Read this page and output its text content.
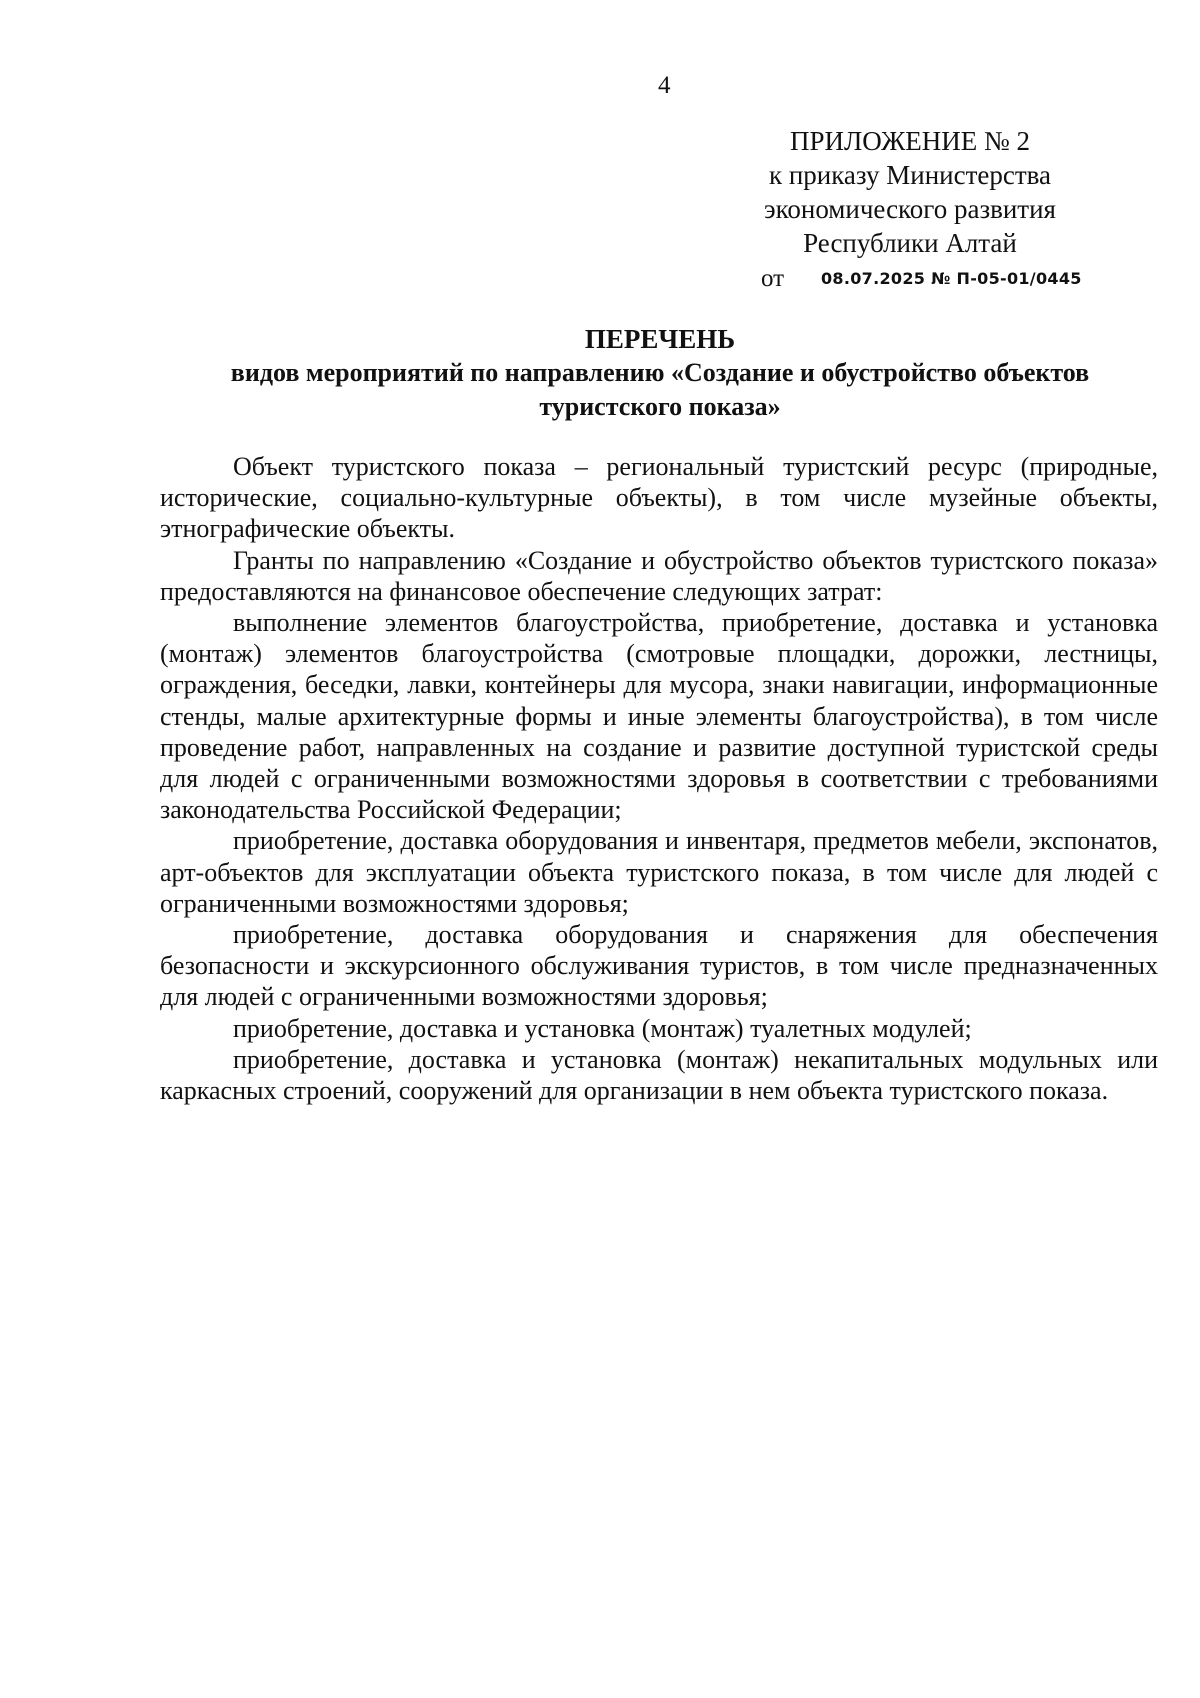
4
ПРИЛОЖЕНИЕ № 2
к приказу Министерства
экономического развития
Республики Алтай
от 08.07.2025 № П-05-01/0445
ПЕРЕЧЕНЬ
видов мероприятий по направлению «Создание и обустройство объектов
туристского показа»

Объект туристского показа – региональный туристский ресурс (природные, исторические, социально-культурные объекты), в том числе музейные объекты, этнографические объекты.

Гранты по направлению «Создание и обустройство объектов туристского показа» предоставляются на финансовое обеспечение следующих затрат:

выполнение элементов благоустройства, приобретение, доставка и установка (монтаж) элементов благоустройства (смотровые площадки, дорожки, лестницы, ограждения, беседки, лавки, контейнеры для мусора, знаки навигации, информационные стенды, малые архитектурные формы и иные элементы благоустройства), в том числе проведение работ, направленных на создание и развитие доступной туристской среды для людей с ограниченными возможностями здоровья в соответствии с требованиями законодательства Российской Федерации;

приобретение, доставка оборудования и инвентаря, предметов мебели, экспонатов, арт-объектов для эксплуатации объекта туристского показа, в том числе для людей с ограниченными возможностями здоровья;

приобретение, доставка оборудования и снаряжения для обеспечения безопасности и экскурсионного обслуживания туристов, в том числе предназначенных для людей с ограниченными возможностями здоровья;

приобретение, доставка и установка (монтаж) туалетных модулей;

приобретение, доставка и установка (монтаж) некапитальных модульных или каркасных строений, сооружений для организации в нем объекта туристского показа.
